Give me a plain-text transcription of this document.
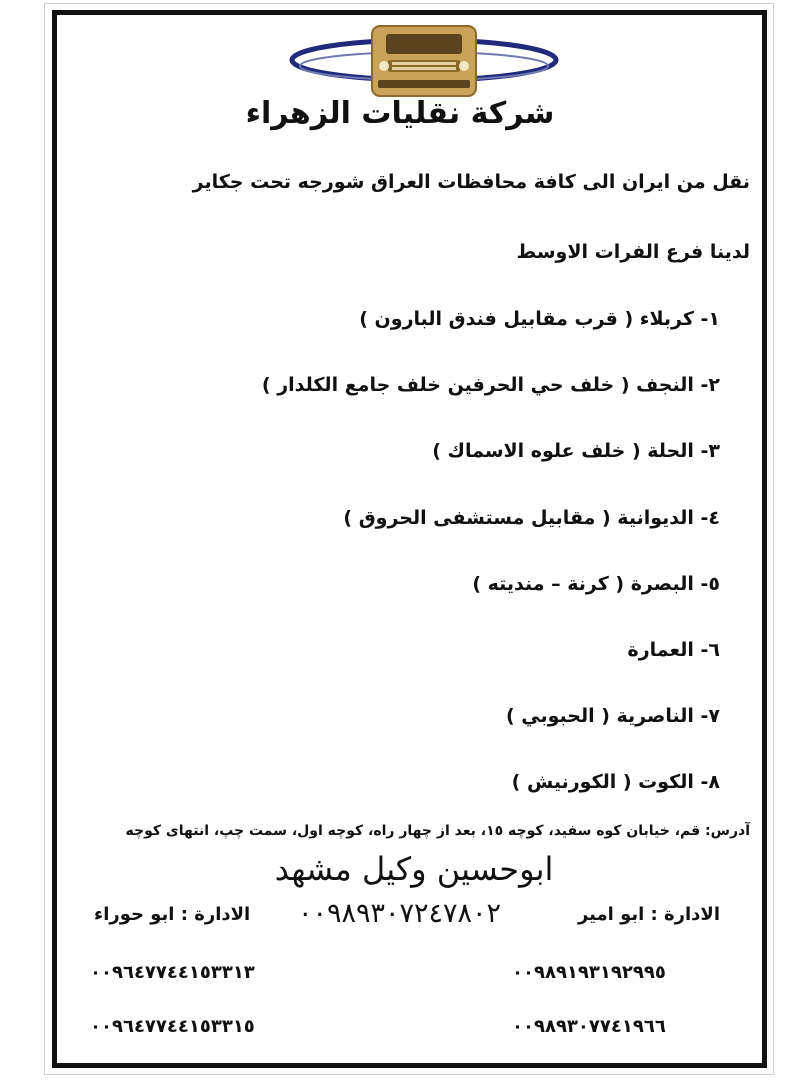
شركة نقليات الزهراء
نقل من ايران الى كافة محافظات العراق شورجه تحت جكاير
لدينا فرع الفرات الاوسط
١- كربلاء ( قرب مقابيل فندق البارون )
٢- النجف ( خلف حي الحرفين خلف جامع الكلدار )
٣- الحلة ( خلف علوه الاسماك )
٤- الديوانية ( مقابيل مستشفى الحروق )
٥- البصرة ( كرنة – منديته )
٦- العمارة
٧- الناصرية ( الحبوبي )
٨- الكوت ( الكورنيش )
آدرس: قم، خیابان کوه سفید، کوچه ١٥، بعد از چهار راه، کوچه اول، سمت چپ، انتهای کوچه
ابوحسين وكيل مشهد
الادارة : ابو امير
٠٠٩٨٩٣٠٧٢٤٧٨٠٢
الادارة : ابو حوراء
٠٠٩٨٩١٩٣١٩٢٩٩٥
٠٠٩٦٤٧٧٤٤١٥٣٣١٣
٠٠٩٨٩٣٠٧٧٤١٩٦٦
٠٠٩٦٤٧٧٤٤١٥٣٣١٥
